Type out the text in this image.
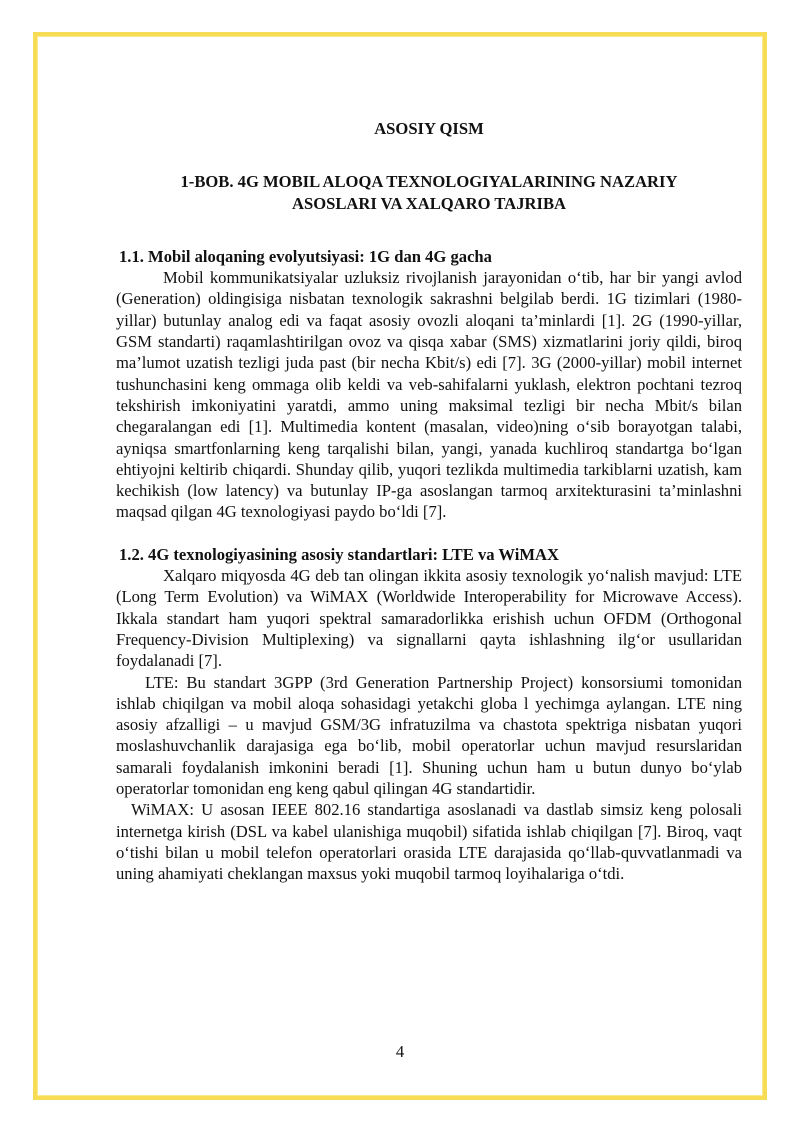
ASOSIY QISM
1-BOB. 4G MOBIL ALOQA TEXNOLOGIYALARINING NAZARIY
ASOSLARI VA XALQARO TAJRIBA
1.1. Mobil aloqaning evolyutsiyasi: 1G dan 4G gacha

Mobil kommunikatsiyalar uzluksiz rivojlanish jarayonidan o‘tib, har bir yangi avlod (Generation) oldingisiga nisbatan texnologik sakrashni belgilab berdi. 1G tizimlari (1980-yillar) butunlay analog edi va faqat asosiy ovozli aloqani ta’minlardi [1]. 2G (1990-yillar, GSM standarti) raqamlashtirilgan ovoz va qisqa xabar (SMS) xizmatlarini joriy qildi, biroq ma’lumot uzatish tezligi juda past (bir necha Kbit/s) edi [7]. 3G (2000-yillar) mobil internet tushunchasini keng ommaga olib keldi va veb-sahifalarni yuklash, elektron pochtani tezroq tekshirish imkoniyatini yaratdi, ammo uning maksimal tezligi bir necha Mbit/s bilan chegaralangan edi [1]. Multimedia kontent (masalan, video)ning o‘sib borayotgan talabi, ayniqsa smartfonlarning keng tarqalishi bilan, yangi, yanada kuchliroq standartga bo‘lgan ehtiyojni keltirib chiqardi. Shunday qilib, yuqori tezlikda multimedia tarkiblarni uzatish, kam kechikish (low latency) va butunlay IP-ga asoslangan tarmoq arxitekturasini ta’minlashni maqsad qilgan 4G texnologiyasi paydo bo‘ldi [7].

1.2. 4G texnologiyasining asosiy standartlari: LTE va WiMAX

Xalqaro miqyosda 4G deb tan olingan ikkita asosiy texnologik yo‘nalish mavjud: LTE (Long Term Evolution) va WiMAX (Worldwide Interoperability for Microwave Access). Ikkala standart ham yuqori spektral samaradorlikka erishish uchun OFDM (Orthogonal Frequency-Division Multiplexing) va signallarni qayta ishlashning ilg‘or usullaridan foydalanadi [7].

LTE: Bu standart 3GPP (3rd Generation Partnership Project) konsorsiumi tomonidan ishlab chiqilgan va mobil aloqa sohasidagi yetakchi globa l yechimga aylangan. LTE ning asosiy afzalligi – u mavjud GSM/3G infratuzilma va chastota spektriga nisbatan yuqori moslashuvchanlik darajasiga ega bo‘lib, mobil operatorlar uchun mavjud resurslaridan samarali foydalanish imkonini beradi [1]. Shuning uchun ham u butun dunyo bo‘ylab operatorlar tomonidan eng keng qabul qilingan 4G standartidir.

WiMAX: U asosan IEEE 802.16 standartiga asoslanadi va dastlab simsiz keng polosali internetga kirish (DSL va kabel ulanishiga muqobil) sifatida ishlab chiqilgan [7]. Biroq, vaqt o‘tishi bilan u mobil telefon operatorlari orasida LTE darajasida qo‘llab-quvvatlanmadi va uning ahamiyati cheklangan maxsus yoki muqobil tarmoq loyihalariga o‘tdi.

4
